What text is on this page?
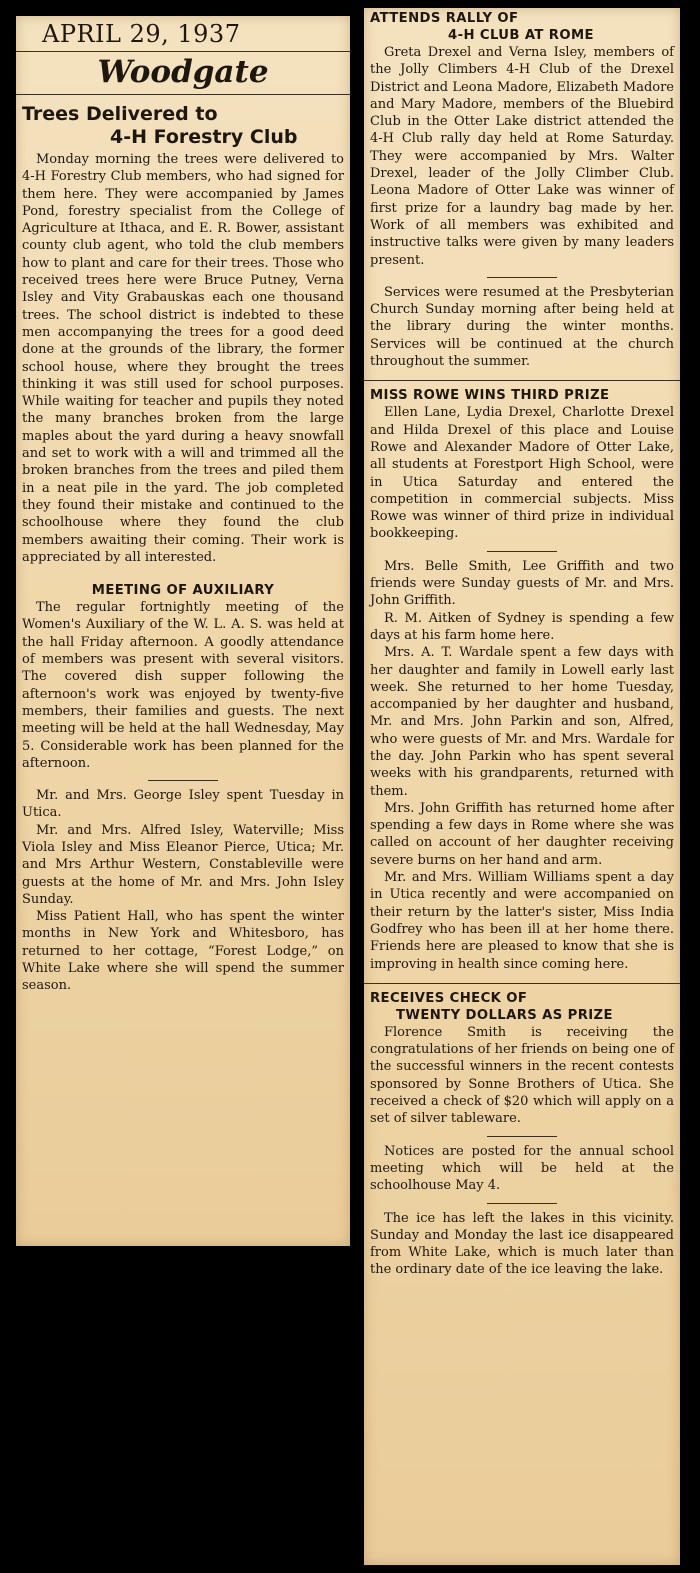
APRIL 29, 1937
Woodgate
Trees Delivered to
4-H Forestry Club

Monday morning the trees were delivered to 4-H Forestry Club members, who had signed for them here. They were accompanied by James Pond, forestry specialist from the College of Agriculture at Ithaca, and E. R. Bower, assistant county club agent, who told the club members how to plant and care for their trees. Those who received trees here were Bruce Putney, Verna Isley and Vity Grabauskas each one thousand trees. The school district is indebted to these men accompanying the trees for a good deed done at the grounds of the library, the former school house, where they brought the trees thinking it was still used for school purposes. While waiting for teacher and pupils they noted the many branches broken from the large maples about the yard during a heavy snowfall and set to work with a will and trimmed all the broken branches from the trees and piled them in a neat pile in the yard. The job completed they found their mistake and continued to the schoolhouse where they found the club members awaiting their coming. Their work is appreciated by all interested.

MEETING OF AUXILIARY

The regular fortnightly meeting of the Women's Auxiliary of the W. L. A. S. was held at the hall Friday afternoon. A goodly attendance of members was present with several visitors. The covered dish supper following the afternoon's work was enjoyed by twenty-five members, their families and guests. The next meeting will be held at the hall Wednesday, May 5. Considerable work has been planned for the afternoon.

Mr. and Mrs. George Isley spent Tuesday in Utica.

Mr. and Mrs. Alfred Isley, Waterville; Miss Viola Isley and Miss Eleanor Pierce, Utica; Mr. and Mrs Arthur Western, Constableville were guests at the home of Mr. and Mrs. John Isley Sunday.

Miss Patient Hall, who has spent the winter months in New York and Whitesboro, has returned to her cottage, “Forest Lodge,” on White Lake where she will spend the summer season.

ATTENDS RALLY OF
4-H CLUB AT ROME

Greta Drexel and Verna Isley, members of the Jolly Climbers 4-H Club of the Drexel District and Leona Madore, Elizabeth Madore and Mary Madore, members of the Bluebird Club in the Otter Lake district attended the 4-H Club rally day held at Rome Saturday. They were accompanied by Mrs. Walter Drexel, leader of the Jolly Climber Club. Leona Madore of Otter Lake was winner of first prize for a laundry bag made by her. Work of all members was exhibited and instructive talks were given by many leaders present.

Services were resumed at the Presbyterian Church Sunday morning after being held at the library during the winter months. Services will be continued at the church throughout the summer.

MISS ROWE WINS THIRD PRIZE

Ellen Lane, Lydia Drexel, Charlotte Drexel and Hilda Drexel of this place and Louise Rowe and Alexander Madore of Otter Lake, all students at Forestport High School, were in Utica Saturday and entered the competition in commercial subjects. Miss Rowe was winner of third prize in individual bookkeeping.

Mrs. Belle Smith, Lee Griffith and two friends were Sunday guests of Mr. and Mrs. John Griffith.

R. M. Aitken of Sydney is spending a few days at his farm home here.

Mrs. A. T. Wardale spent a few days with her daughter and family in Lowell early last week. She returned to her home Tuesday, accompanied by her daughter and husband, Mr. and Mrs. John Parkin and son, Alfred, who were guests of Mr. and Mrs. Wardale for the day. John Parkin who has spent several weeks with his grandparents, returned with them.

Mrs. John Griffith has returned home after spending a few days in Rome where she was called on account of her daughter receiving severe burns on her hand and arm.

Mr. and Mrs. William Williams spent a day in Utica recently and were accompanied on their return by the latter's sister, Miss India Godfrey who has been ill at her home there. Friends here are pleased to know that she is improving in health since coming here.

RECEIVES CHECK OF
TWENTY DOLLARS AS PRIZE

Florence Smith is receiving the congratulations of her friends on being one of the successful winners in the recent contests sponsored by Sonne Brothers of Utica. She received a check of $20 which will apply on a set of silver tableware.

Notices are posted for the annual school meeting which will be held at the schoolhouse May 4.

The ice has left the lakes in this vicinity. Sunday and Monday the last ice disappeared from White Lake, which is much later than the ordinary date of the ice leaving the lake.
